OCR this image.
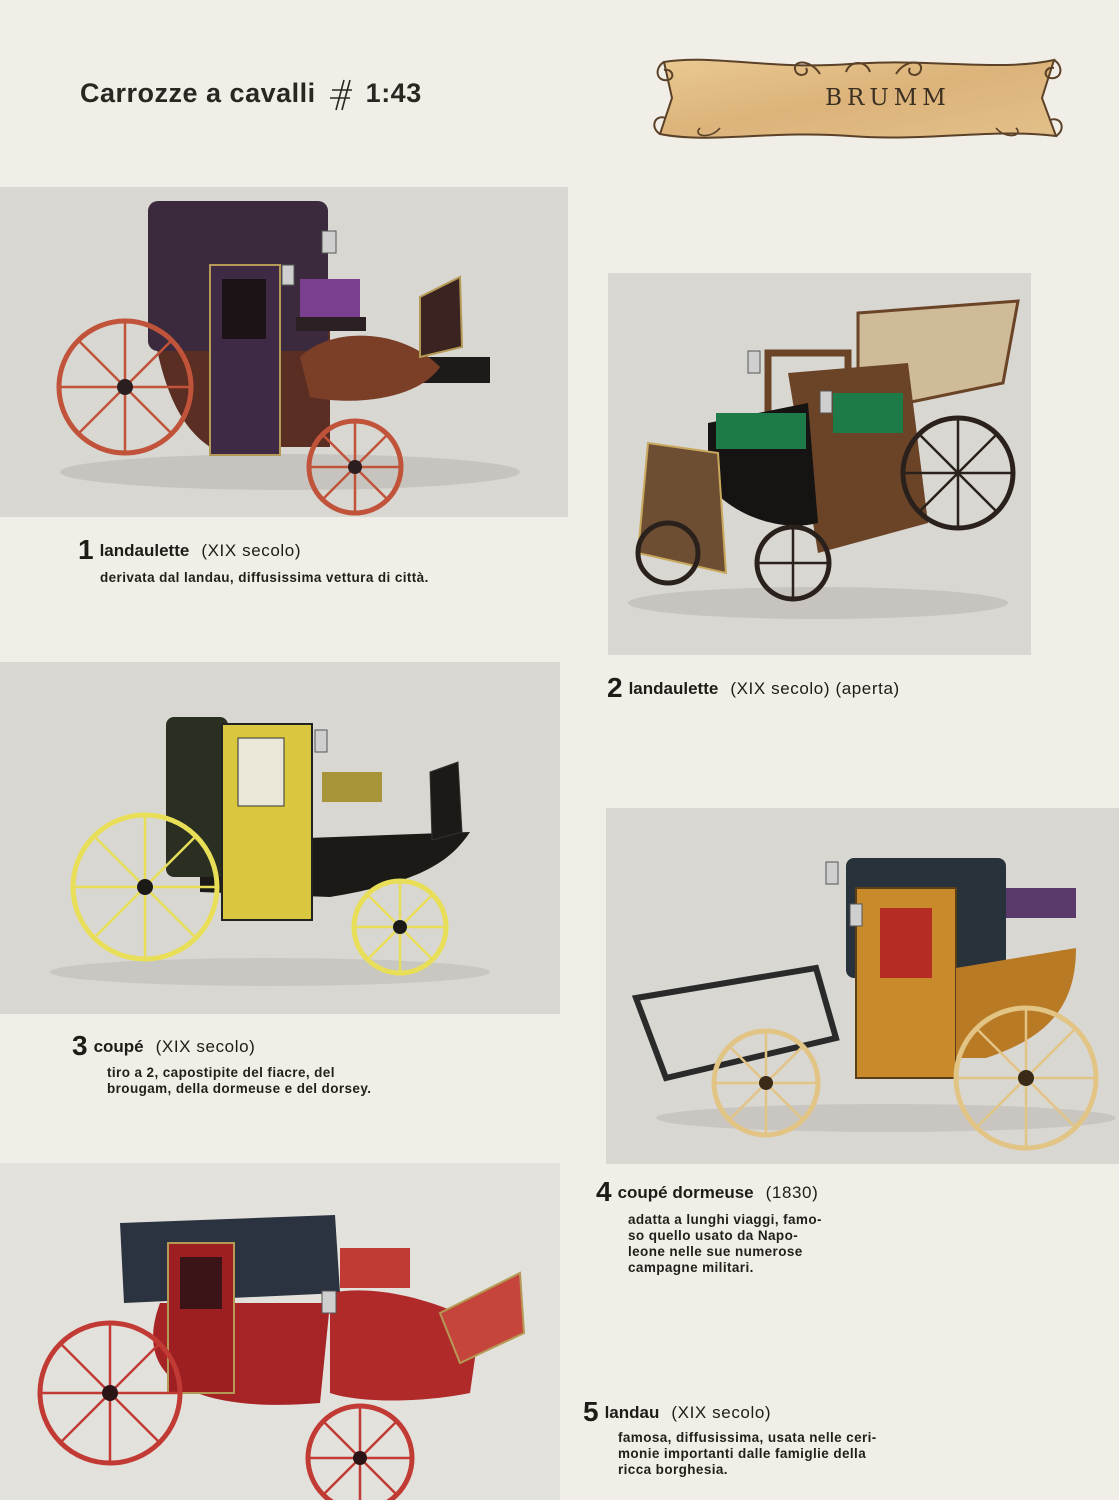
Carrozze a cavalli 1:43	BRUMM
1 landaulette (XIX secolo)
derivata dal landau, diffusissima vettura di città.
2 landaulette (XIX secolo) (aperta)
3 coupé (XIX secolo)
tiro a 2, capostipite del fiacre, del
brougam, della dormeuse e del dorsey.
4 coupé dormeuse (1830)
adatta a lunghi viaggi, famo-
so quello usato da Napo-
leone nelle sue numerose
campagne militari.
5 landau (XIX secolo)
famosa, diffusissima, usata nelle ceri-
monie importanti dalle famiglie della
ricca borghesia.
